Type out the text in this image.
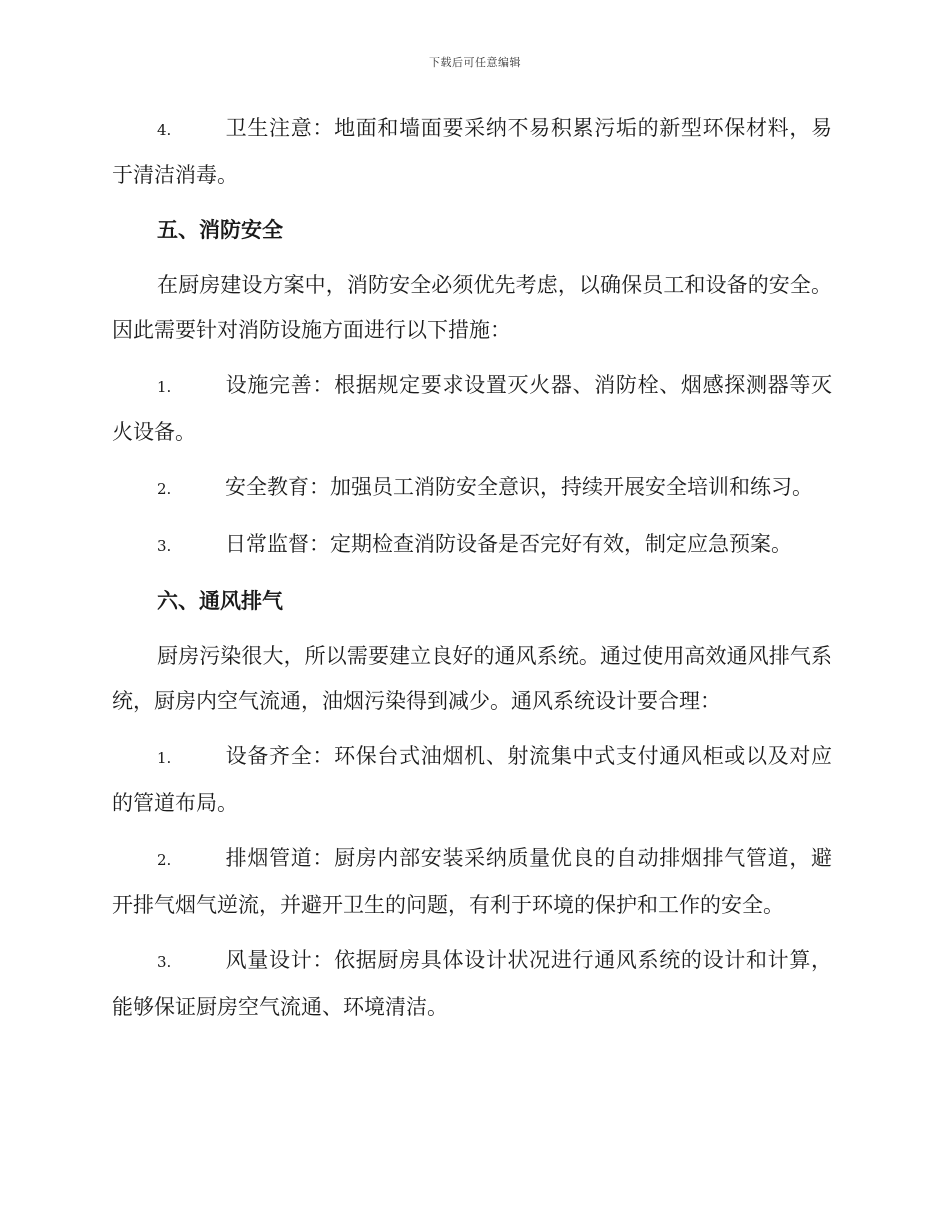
下载后可任意编辑

4.	卫生注意：地面和墙面要采纳不易积累污垢的新型环保材料，易于清洁消毒。

五、消防安全

在厨房建设方案中，消防安全必须优先考虑，以确保员工和设备的安全。因此需要针对消防设施方面进行以下措施：

1.	设施完善：根据规定要求设置灭火器、消防栓、烟感探测器等灭火设备。

2.	安全教育：加强员工消防安全意识，持续开展安全培训和练习。

3.	日常监督：定期检查消防设备是否完好有效，制定应急预案。

六、通风排气

厨房污染很大，所以需要建立良好的通风系统。通过使用高效通风排气系统，厨房内空气流通，油烟污染得到减少。通风系统设计要合理：

1.	设备齐全：环保台式油烟机、射流集中式支付通风柜或以及对应的管道布局。

2.	排烟管道：厨房内部安装采纳质量优良的自动排烟排气管道，避开排气烟气逆流，并避开卫生的问题，有利于环境的保护和工作的安全。

3.	风量设计：依据厨房具体设计状况进行通风系统的设计和计算，能够保证厨房空气流通、环境清洁。
